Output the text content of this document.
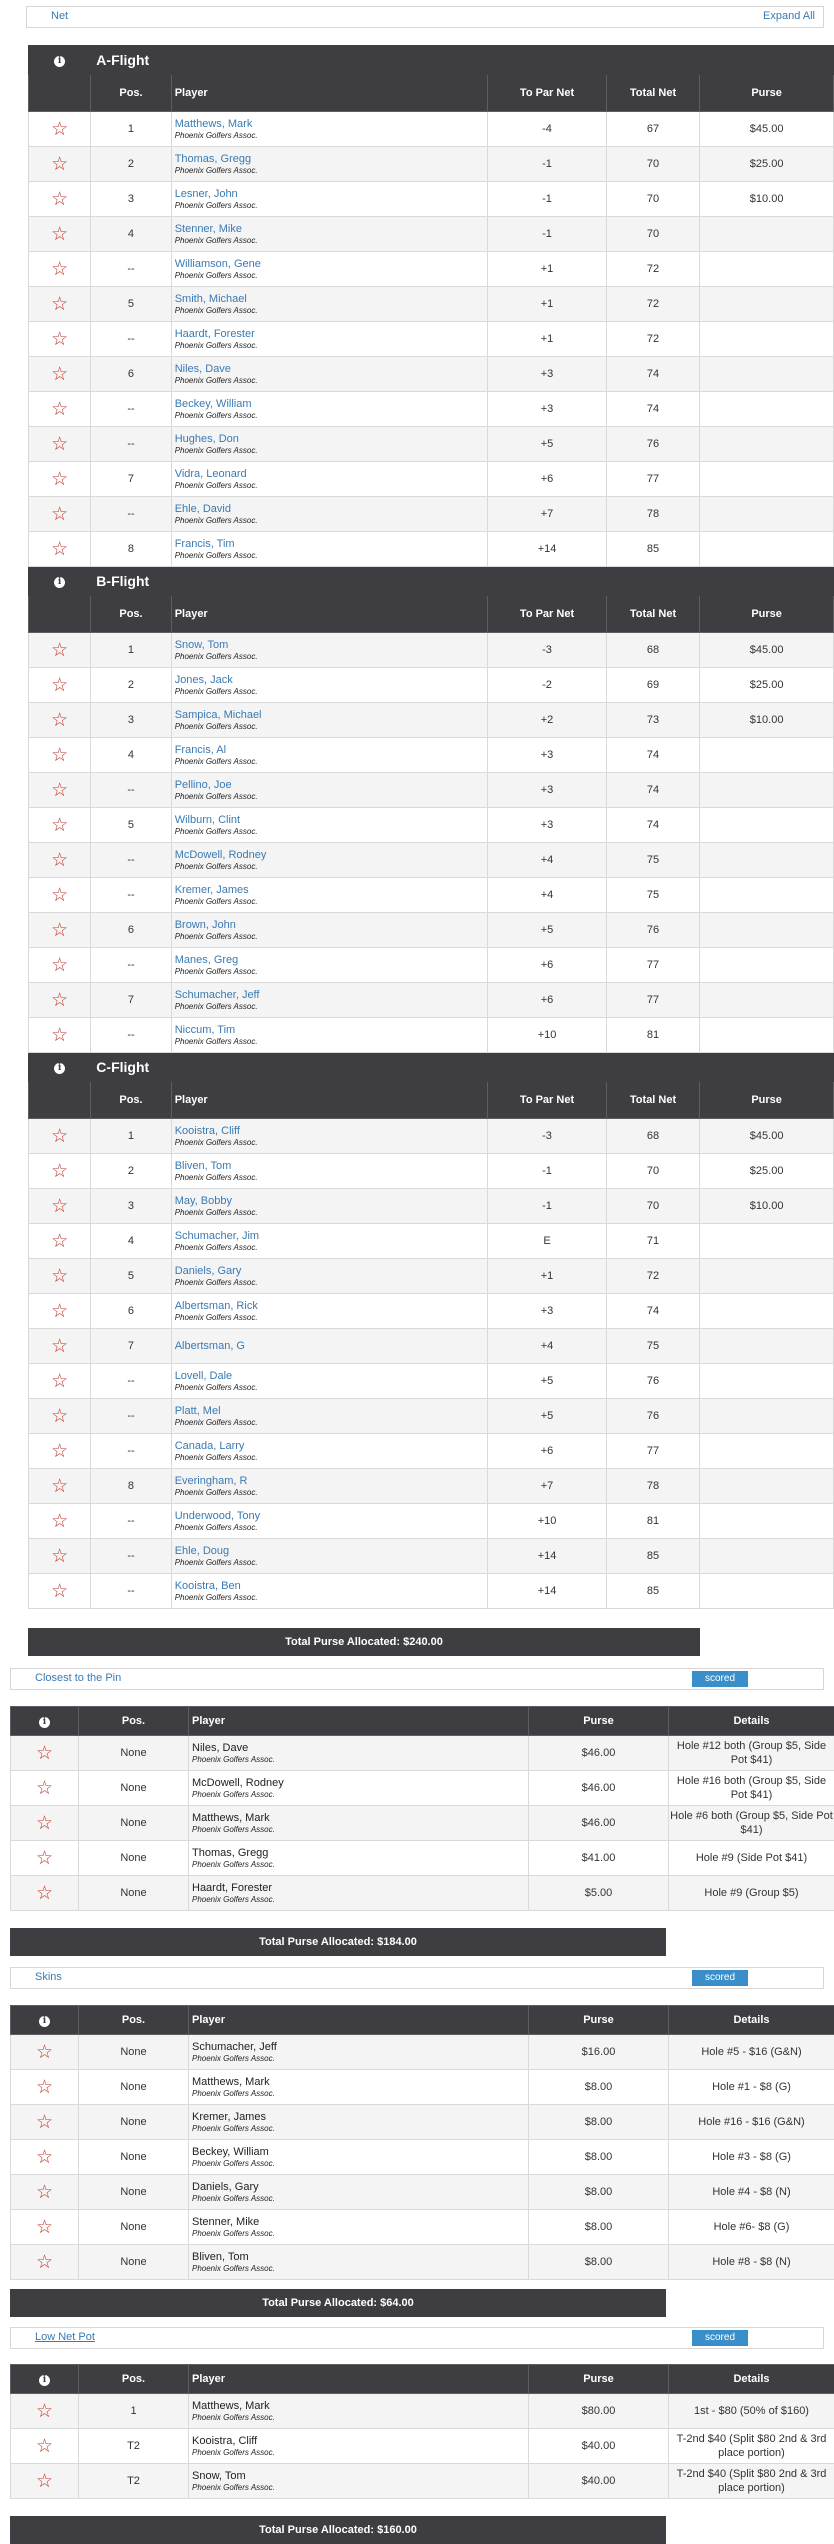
Net	Expand All
i	A-Flight				
	Pos.	Player	To Par Net	Total Net	Purse
☆	1	Matthews, Mark
Phoenix Golfers Assoc.	-4	67	$45.00
☆	2	Thomas, Gregg
Phoenix Golfers Assoc.	-1	70	$25.00
☆	3	Lesner, John
Phoenix Golfers Assoc.	-1	70	$10.00
☆	4	Stenner, Mike
Phoenix Golfers Assoc.	-1	70	
☆	--	Williamson, Gene
Phoenix Golfers Assoc.	+1	72	
☆	5	Smith, Michael
Phoenix Golfers Assoc.	+1	72	
☆	--	Haardt, Forester
Phoenix Golfers Assoc.	+1	72	
☆	6	Niles, Dave
Phoenix Golfers Assoc.	+3	74	
☆	--	Beckey, William
Phoenix Golfers Assoc.	+3	74	
☆	--	Hughes, Don
Phoenix Golfers Assoc.	+5	76	
☆	7	Vidra, Leonard
Phoenix Golfers Assoc.	+6	77	
☆	--	Ehle, David
Phoenix Golfers Assoc.	+7	78	
☆	8	Francis, Tim
Phoenix Golfers Assoc.	+14	85	
i	B-Flight				
	Pos.	Player	To Par Net	Total Net	Purse
☆	1	Snow, Tom
Phoenix Golfers Assoc.	-3	68	$45.00
☆	2	Jones, Jack
Phoenix Golfers Assoc.	-2	69	$25.00
☆	3	Sampica, Michael
Phoenix Golfers Assoc.	+2	73	$10.00
☆	4	Francis, Al
Phoenix Golfers Assoc.	+3	74	
☆	--	Pellino, Joe
Phoenix Golfers Assoc.	+3	74	
☆	5	Wilburn, Clint
Phoenix Golfers Assoc.	+3	74	
☆	--	McDowell, Rodney
Phoenix Golfers Assoc.	+4	75	
☆	--	Kremer, James
Phoenix Golfers Assoc.	+4	75	
☆	6	Brown, John
Phoenix Golfers Assoc.	+5	76	
☆	--	Manes, Greg
Phoenix Golfers Assoc.	+6	77	
☆	7	Schumacher, Jeff
Phoenix Golfers Assoc.	+6	77	
☆	--	Niccum, Tim
Phoenix Golfers Assoc.	+10	81	
i	C-Flight				
	Pos.	Player	To Par Net	Total Net	Purse
☆	1	Kooistra, Cliff
Phoenix Golfers Assoc.	-3	68	$45.00
☆	2	Bliven, Tom
Phoenix Golfers Assoc.	-1	70	$25.00
☆	3	May, Bobby
Phoenix Golfers Assoc.	-1	70	$10.00
☆	4	Schumacher, Jim
Phoenix Golfers Assoc.	E	71	
☆	5	Daniels, Gary
Phoenix Golfers Assoc.	+1	72	
☆	6	Albertsman, Rick
Phoenix Golfers Assoc.	+3	74	
☆	7	Albertsman, G	+4	75	
☆	--	Lovell, Dale
Phoenix Golfers Assoc.	+5	76	
☆	--	Platt, Mel
Phoenix Golfers Assoc.	+5	76	
☆	--	Canada, Larry
Phoenix Golfers Assoc.	+6	77	
☆	8	Everingham, R
Phoenix Golfers Assoc.	+7	78	
☆	--	Underwood, Tony
Phoenix Golfers Assoc.	+10	81	
☆	--	Ehle, Doug
Phoenix Golfers Assoc.	+14	85	
☆	--	Kooistra, Ben
Phoenix Golfers Assoc.	+14	85	
Total Purse Allocated: $240.00
Closest to the Pin	scored
i	Pos.	Player	Purse	Details
☆	None	Niles, Dave
Phoenix Golfers Assoc.	$46.00	Hole #12 both (Group $5, Side Pot $41)
☆	None	McDowell, Rodney
Phoenix Golfers Assoc.	$46.00	Hole #16 both (Group $5, Side Pot $41)
☆	None	Matthews, Mark
Phoenix Golfers Assoc.	$46.00	Hole #6 both (Group $5, Side Pot $41)
☆	None	Thomas, Gregg
Phoenix Golfers Assoc.	$41.00	Hole #9 (Side Pot $41)
☆	None	Haardt, Forester
Phoenix Golfers Assoc.	$5.00	Hole #9 (Group $5)
Total Purse Allocated: $184.00
Skins	scored
i	Pos.	Player	Purse	Details
☆	None	Schumacher, Jeff
Phoenix Golfers Assoc.	$16.00	Hole #5 - $16 (G&N)
☆	None	Matthews, Mark
Phoenix Golfers Assoc.	$8.00	Hole #1 - $8 (G)
☆	None	Kremer, James
Phoenix Golfers Assoc.	$8.00	Hole #16 - $16 (G&N)
☆	None	Beckey, William
Phoenix Golfers Assoc.	$8.00	Hole #3 - $8 (G)
☆	None	Daniels, Gary
Phoenix Golfers Assoc.	$8.00	Hole #4 - $8 (N)
☆	None	Stenner, Mike
Phoenix Golfers Assoc.	$8.00	Hole #6- $8 (G)
☆	None	Bliven, Tom
Phoenix Golfers Assoc.	$8.00	Hole #8 - $8 (N)
Total Purse Allocated: $64.00
Low Net Pot	scored
i	Pos.	Player	Purse	Details
☆	1	Matthews, Mark
Phoenix Golfers Assoc.	$80.00	1st - $80 (50% of $160)
☆	T2	Kooistra, Cliff
Phoenix Golfers Assoc.	$40.00	T-2nd $40 (Split $80 2nd & 3rd place portion)
☆	T2	Snow, Tom
Phoenix Golfers Assoc.	$40.00	T-2nd $40 (Split $80 2nd & 3rd place portion)
Total Purse Allocated: $160.00
